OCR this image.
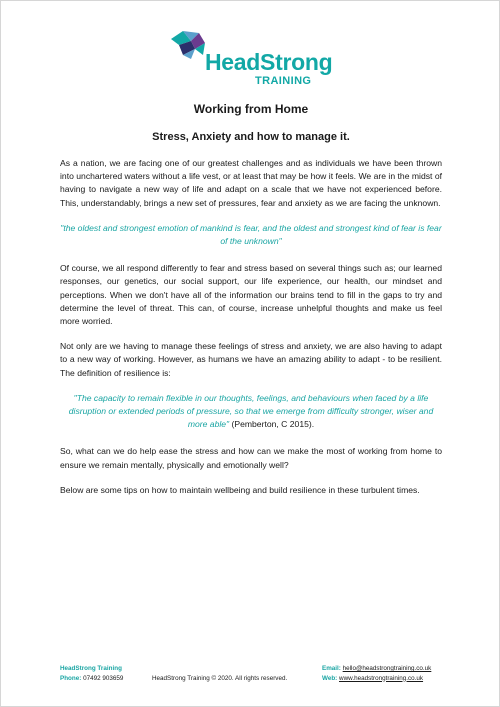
HeadStrong
TRAINING
Working from Home
Stress, Anxiety and how to manage it.

As a nation, we are facing one of our greatest challenges and as individuals we have been thrown into unchartered waters without a life vest, or at least that may be how it feels. We are in the midst of having to navigate a new way of life and adapt on a scale that we have not experienced before. This, understandably, brings a new set of pressures, fear and anxiety as we are facing the unknown.

"the oldest and strongest emotion of mankind is fear, and the oldest and strongest kind of fear is fear of the unknown"

Of course, we all respond differently to fear and stress based on several things such as; our learned responses, our genetics, our social support, our life experience, our health, our mindset and perceptions. When we don't have all of the information our brains tend to fill in the gaps to try and determine the level of threat. This can, of course, increase unhelpful thoughts and make us feel more worried.

Not only are we having to manage these feelings of stress and anxiety, we are also having to adapt to a new way of working. However, as humans we have an amazing ability to adapt - to be resilient. The definition of resilience is:

"The capacity to remain flexible in our thoughts, feelings, and behaviours when faced by a life disruption or extended periods of pressure, so that we emerge from difficulty stronger, wiser and more able" (Pemberton, C 2015).

So, what can we do help ease the stress and how can we make the most of working from home to ensure we remain mentally, physically and emotionally well?

Below are some tips on how to maintain wellbeing and build resilience in these turbulent times.

HeadStrong Training
Phone: 07492 903659	HeadStrong Training © 2020. All rights reserved.
Email: hello@headstrongtraining.co.uk
Web: www.headstrongtraining.co.uk
